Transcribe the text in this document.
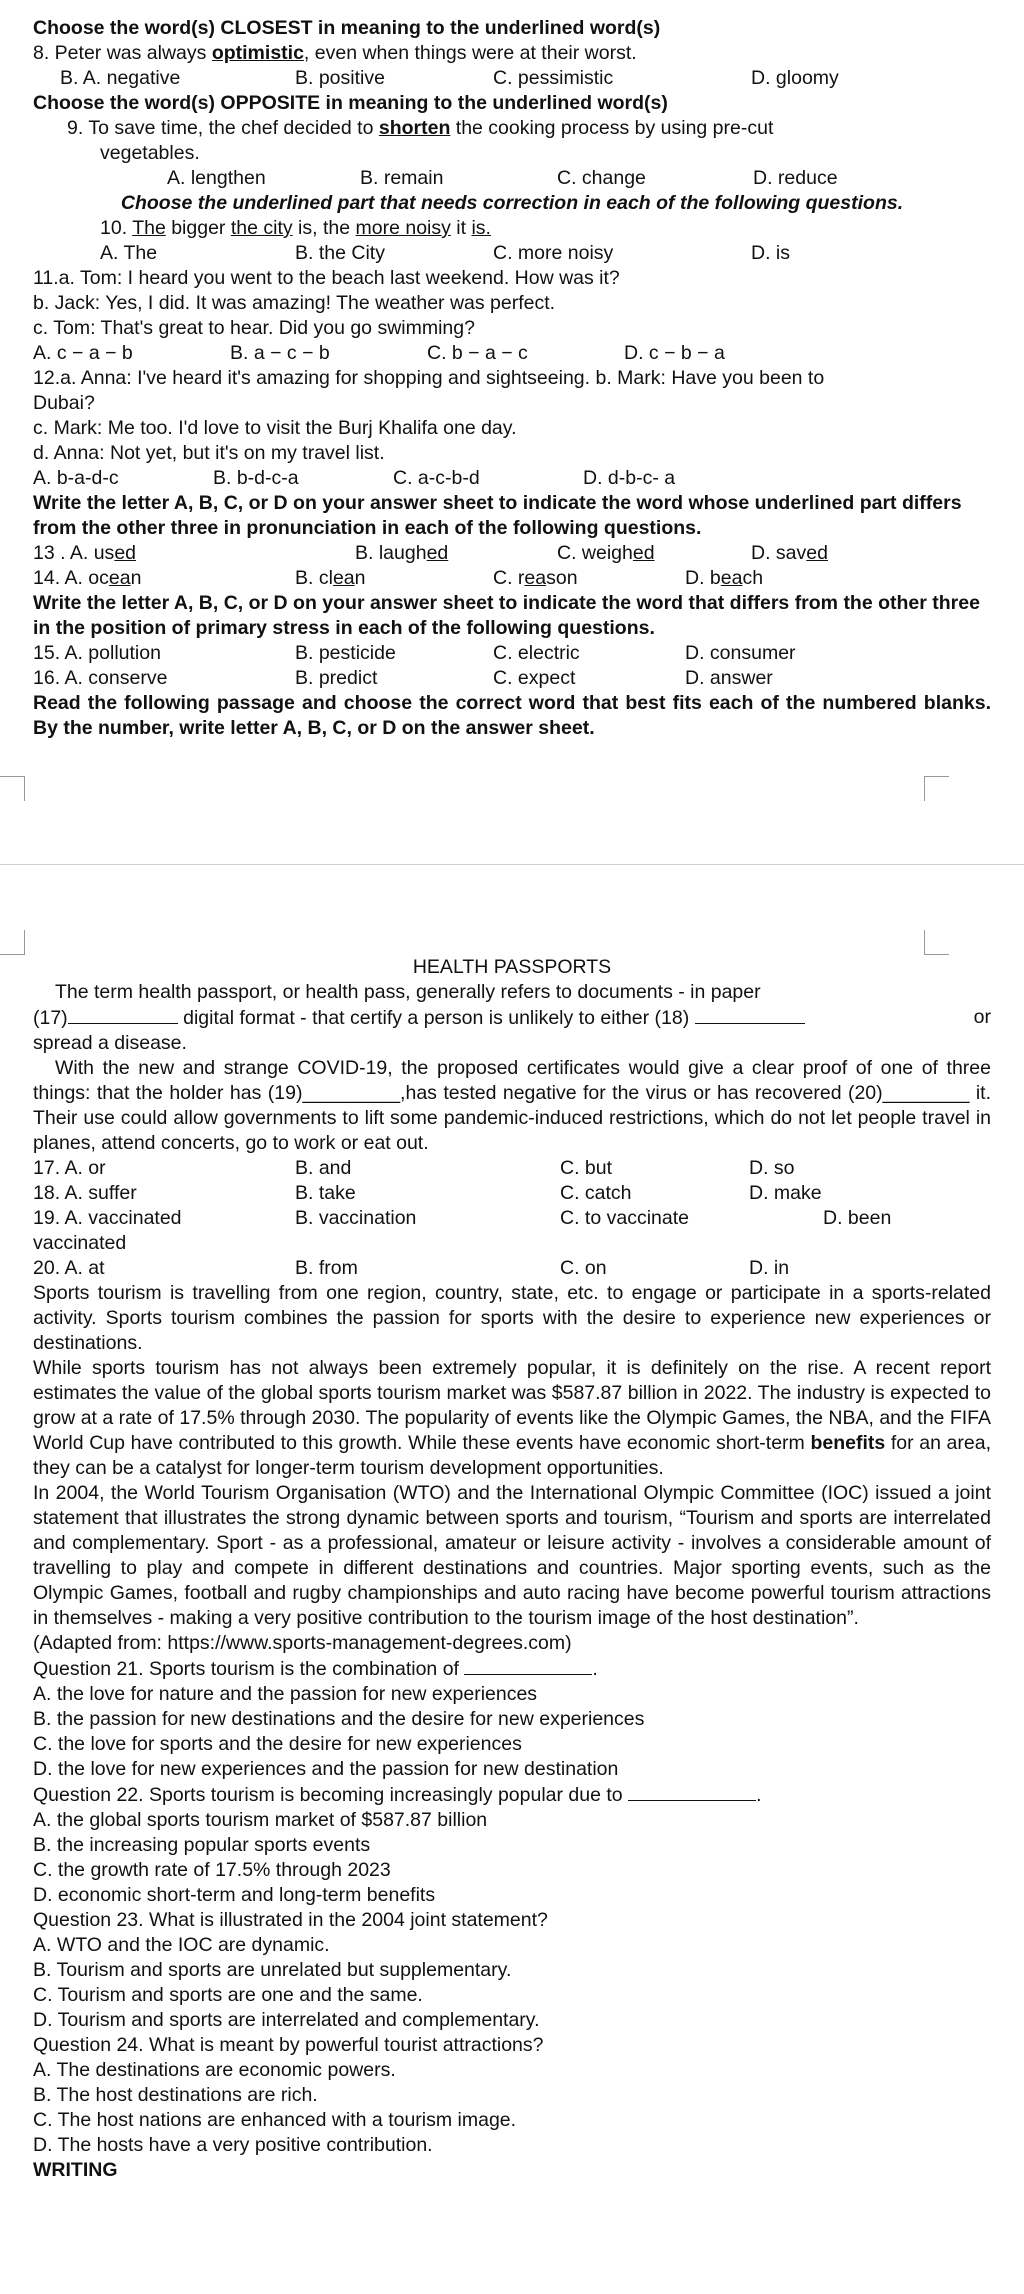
Choose the word(s) CLOSEST in meaning to the underlined word(s)
8. Peter was always optimistic, even when things were at their worst.
B. A. negative	B. positive	C. pessimistic	D. gloomy
Choose the word(s) OPPOSITE in meaning to the underlined word(s)
9. To save time, the chef decided to shorten the cooking process by using pre-cut
vegetables.
A. lengthen	B. remain	C. change	D. reduce
Choose the underlined part that needs correction in each of the following questions.
10. The bigger the city is, the more noisy it is.
A. The	B. the City	C. more noisy	D. is
11.a. Tom: I heard you went to the beach last weekend. How was it?
b. Jack: Yes, I did. It was amazing! The weather was perfect.
c. Tom: That's great to hear. Did you go swimming?
A. c − a − b	B. a − c − b	C. b − a − c	D. c − b − a
12.a. Anna: I've heard it's amazing for shopping and sightseeing. b. Mark: Have you been to
Dubai?
c. Mark: Me too. I'd love to visit the Burj Khalifa one day.
d. Anna: Not yet, but it's on my travel list.
A. b-a-d-c	B. b-d-c-a	C. a-c-b-d	D. d-b-c- a
Write the letter A, B, C, or D on your answer sheet to indicate the word whose underlined part differs from the other three in pronunciation in each of the following questions.
13 . A. used	B. laughed	C. weighed	D. saved
14. A. ocean	B. clean	C. reason	D. beach
Write the letter A, B, C, or D on your answer sheet to indicate the word that differs from the other three in the position of primary stress in each of the following questions.
15. A. pollution	B. pesticide	C. electric	D. consumer
16. A. conserve	B. predict	C. expect	D. answer
Read the following passage and choose the correct word that best fits each of the numbered blanks. By the number, write letter A, B, C, or D on the answer sheet.
HEALTH PASSPORTS
The term health passport, or health pass, generally refers to documents - in paper
(17)	digital format - that certify a person is unlikely to either (18)	or
spread a disease.
With the new and strange COVID-19, the proposed certificates would give a clear proof of one of three things: that the holder has (19)_________,has tested negative for the virus or has recovered (20)________ it. Their use could allow governments to lift some pandemic-induced restrictions, which do not let people travel in planes, attend concerts, go to work or eat out.
17. A. or	B. and	C. but	D. so
18. A. suffer	B. take	C. catch	D. make
19. A. vaccinated	B. vaccination	C. to vaccinate	D. been
vaccinated
20. A. at	B. from	C. on	D. in
Sports tourism is travelling from one region, country, state, etc. to engage or participate in a sports-related activity. Sports tourism combines the passion for sports with the desire to experience new experiences or destinations.
While sports tourism has not always been extremely popular, it is definitely on the rise. A recent report estimates the value of the global sports tourism market was $587.87 billion in 2022. The industry is expected to grow at a rate of 17.5% through 2030. The popularity of events like the Olympic Games, the NBA, and the FIFA World Cup have contributed to this growth. While these events have economic short-term benefits for an area, they can be a catalyst for longer-term tourism development opportunities.
In 2004, the World Tourism Organisation (WTO) and the International Olympic Committee (IOC) issued a joint statement that illustrates the strong dynamic between sports and tourism, “Tourism and sports are interrelated and complementary. Sport - as a professional, amateur or leisure activity - involves a considerable amount of travelling to play and compete in different destinations and countries. Major sporting events, such as the Olympic Games, football and rugby championships and auto racing have become powerful tourism attractions in themselves - making a very positive contribution to the tourism image of the host destination”.
(Adapted from: https://www.sports-management-degrees.com)
Question 21. Sports tourism is the combination of	.
A. the love for nature and the passion for new experiences
B. the passion for new destinations and the desire for new experiences
C. the love for sports and the desire for new experiences
D. the love for new experiences and the passion for new destination
Question 22. Sports tourism is becoming increasingly popular due to	.
A. the global sports tourism market of $587.87 billion
B. the increasing popular sports events
C. the growth rate of 17.5% through 2023
D. economic short-term and long-term benefits
Question 23. What is illustrated in the 2004 joint statement?
A. WTO and the IOC are dynamic.
B. Tourism and sports are unrelated but supplementary.
C. Tourism and sports are one and the same.
D. Tourism and sports are interrelated and complementary.
Question 24. What is meant by powerful tourist attractions?
A. The destinations are economic powers.
B. The host destinations are rich.
C. The host nations are enhanced with a tourism image.
D. The hosts have a very positive contribution.
WRITING
